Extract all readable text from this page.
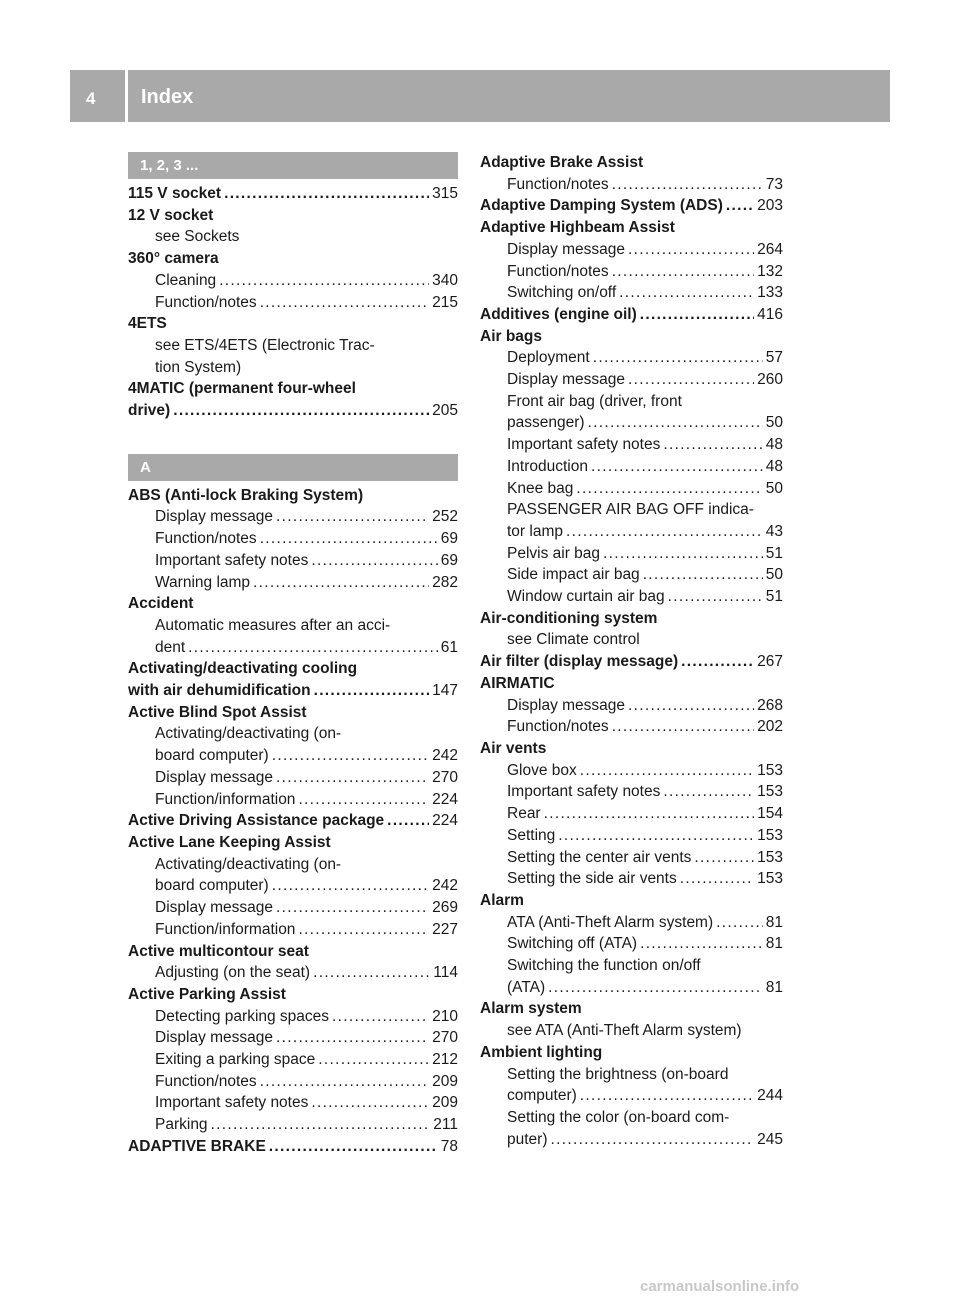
4 Index
1, 2, 3 ...
115 V socket . . .	315
12 V socket
see Sockets
360° camera
Cleaning . . .	340
Function/notes . . .	215
4ETS
see ETS/4ETS (Electronic Trac-
tion System)
4MATIC (permanent four-wheel
drive) . . .	205
A
ABS (Anti-lock Braking System)
Display message . . .	252
Function/notes . . .	69
Important safety notes . . .	69
Warning lamp . . .	282
Accident
Automatic measures after an acci-
dent . . .	61
Activating/deactivating cooling
with air dehumidification . . .	147
Active Blind Spot Assist
Activating/deactivating (on-
board computer) . . .	242
Display message . . .	270
Function/information . . .	224
Active Driving Assistance package . . .	224
Active Lane Keeping Assist
Activating/deactivating (on-
board computer) . . .	242
Display message . . .	269
Function/information . . .	227
Active multicontour seat
Adjusting (on the seat) . . .	114
Active Parking Assist
Detecting parking spaces . . .	210
Display message . . .	270
Exiting a parking space . . .	212
Function/notes . . .	209
Important safety notes . . .	209
Parking . . .	211
ADAPTIVE BRAKE . . .	78
Adaptive Brake Assist
Function/notes . . .	73
Adaptive Damping System (ADS) . . . 203
Adaptive Highbeam Assist
Display message . . .	264
Function/notes . . .	132
Switching on/off . . .	133
Additives (engine oil) . . .	416
Air bags
Deployment . . .	57
Display message . . .	260
Front air bag (driver, front
passenger) . . .	50
Important safety notes . . .	48
Introduction . . .	48
Knee bag . . .	50
PASSENGER AIR BAG OFF indica-
tor lamp . . .	43
Pelvis air bag . . .	51
Side impact air bag . . .	50
Window curtain air bag . . .	51
Air-conditioning system
see Climate control
Air filter (display message) . . .	267
AIRMATIC
Display message . . .	268
Function/notes . . .	202
Air vents
Glove box . . .	153
Important safety notes . . .	153
Rear . . .	154
Setting . . .	153
Setting the center air vents . . .	153
Setting the side air vents . . .	153
Alarm
ATA (Anti-Theft Alarm system) . . .	81
Switching off (ATA) . . .	81
Switching the function on/off
(ATA) . . .	81
Alarm system
see ATA (Anti-Theft Alarm system)
Ambient lighting
Setting the brightness (on-board
computer) . . .	244
Setting the color (on-board com-
puter) . . .	245
carmanualsonline.info
